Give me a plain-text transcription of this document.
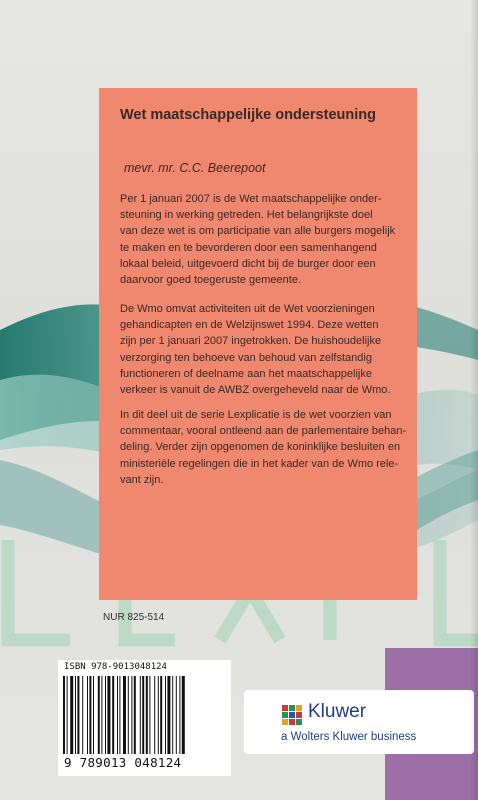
Wet maatschappelijke ondersteuning
mevr. mr. C.C. Beerepoot

Per 1 januari 2007 is de Wet maatschappelijke onder-
steuning in werking getreden. Het belangrijkste doel
van deze wet is om participatie van alle burgers mogelijk
te maken en te bevorderen door een samenhangend
lokaal beleid, uitgevoerd dicht bij de burger door een
daarvoor goed toegeruste gemeente.

De Wmo omvat activiteiten uit de Wet voorzieningen
gehandicapten en de Welzijnswet 1994. Deze wetten
zijn per 1 januari 2007 ingetrokken. De huishoudelijke
verzorging ten behoeve van behoud van zelfstandig
functioneren of deelname aan het maatschappelijke
verkeer is vanuit de AWBZ overgeheveld naar de Wmo.

In dit deel uit de serie Lexplicatie is de wet voorzien van
commentaar, vooral ontleend aan de parlementaire behan-
deling. Verder zijn opgenomen de koninklijke besluiten en
ministeriële regelingen die in het kader van de Wmo rele-
vant zijn.

NUR 825-514
ISBN 978-9013048124
9 789013 048124
Kluwer
a Wolters Kluwer business
